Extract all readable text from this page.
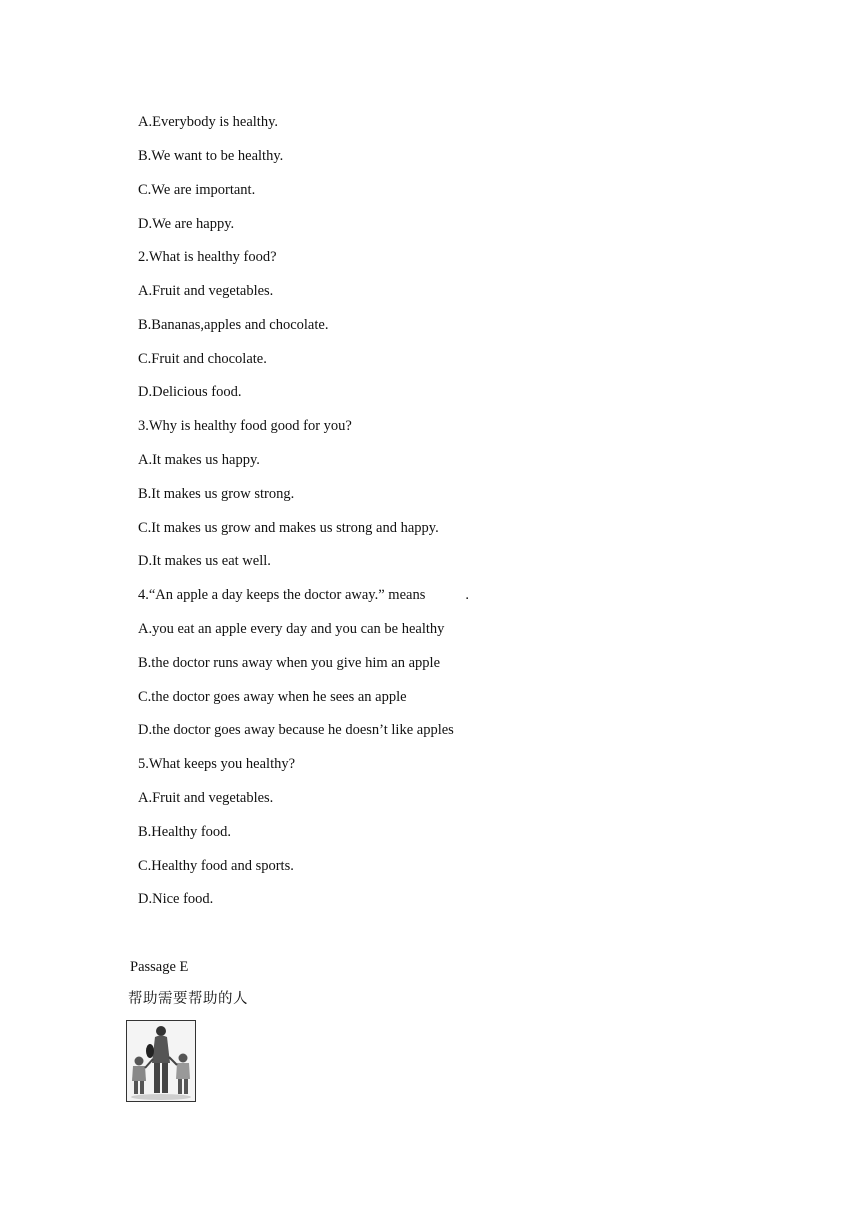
A.Everybody is healthy.
B.We want to be healthy.
C.We are important.
D.We are happy.
2.What is healthy food?
A.Fruit and vegetables.
B.Bananas,apples and chocolate.
C.Fruit and chocolate.
D.Delicious food.
3.Why is healthy food good for you?
A.It makes us happy.
B.It makes us grow strong.
C.It makes us grow and makes us strong and happy.
D.It makes us eat well.
4.“An apple a day keeps the doctor away.” means	.
A.you eat an apple every day and you can be healthy
B.the doctor runs away when you give him an apple
C.the doctor goes away when he sees an apple
D.the doctor goes away because he doesn’t like apples
5.What keeps you healthy?
A.Fruit and vegetables.
B.Healthy food.
C.Healthy food and sports.
D.Nice food.
Passage E
帮助需要帮助的人
